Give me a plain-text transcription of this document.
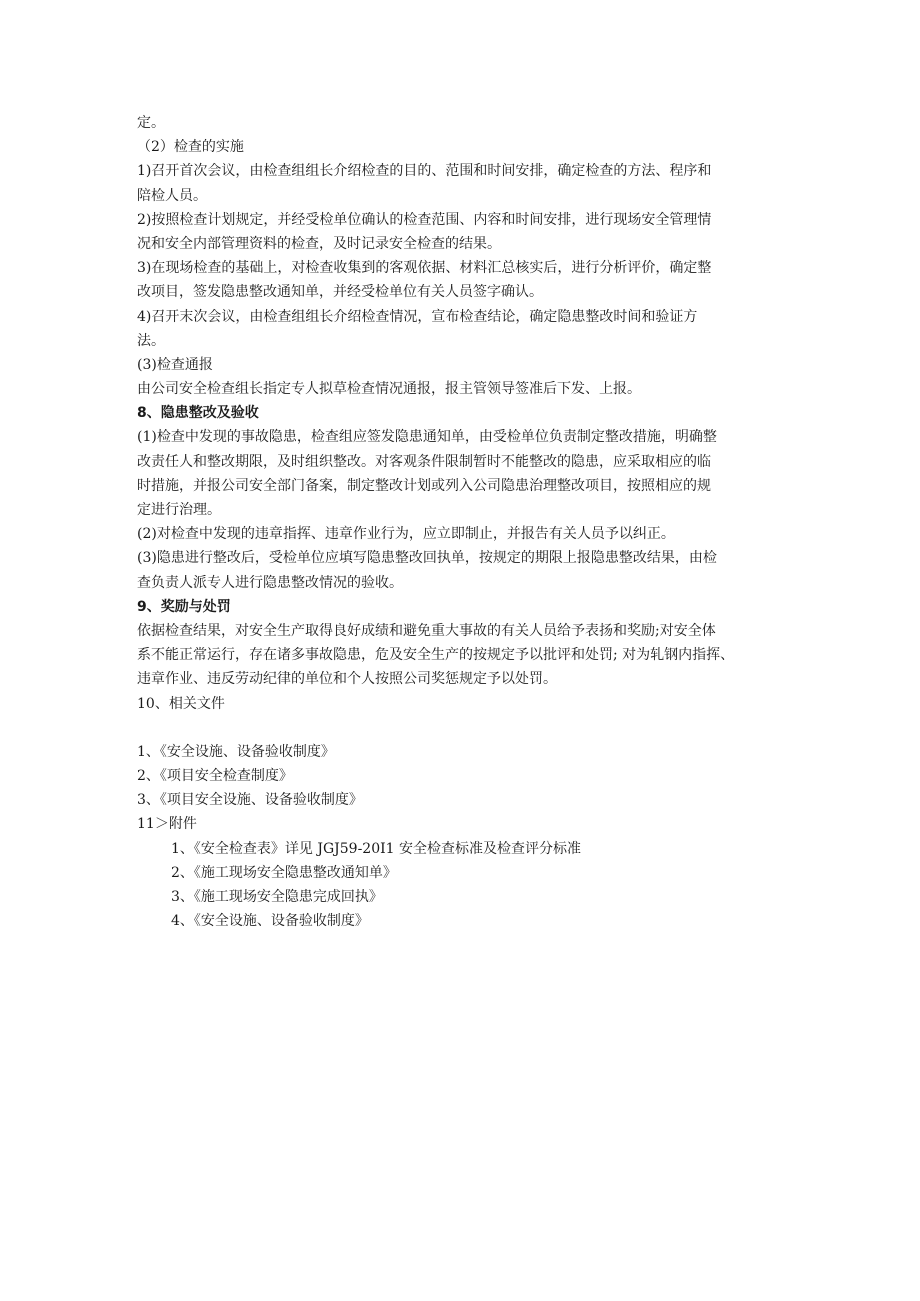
定。
（2）检查的实施
1)召开首次会议，由检查组组长介绍检查的目的、范围和时间安排，确定检查的方法、程序和
陪检人员。
2)按照检查计划规定，并经受检单位确认的检查范围、内容和时间安排，进行现场安全管理情
况和安全内部管理资料的检查，及时记录安全检查的结果。
3)在现场检查的基础上，对检查收集到的客观依据、材料汇总核实后，进行分析评价，确定整
改项目，签发隐患整改通知单，并经受检单位有关人员签字确认。
4)召开末次会议，由检查组组长介绍检查情况，宣布检查结论，确定隐患整改时间和验证方
法。
(3)检查通报
由公司安全检查组长指定专人拟草检查情况通报，报主管领导签准后下发、上报。
8、隐患整改及验收
(1)检查中发现的事故隐患，检查组应签发隐患通知单，由受检单位负责制定整改措施，明确整
改责任人和整改期限，及时组织整改。对客观条件限制暂时不能整改的隐患，应采取相应的临
时措施，并报公司安全部门备案，制定整改计划或列入公司隐患治理整改项目，按照相应的规
定进行治理。
(2)对检查中发现的违章指挥、违章作业行为，应立即制止，并报告有关人员予以纠正。
(3)隐患进行整改后，受检单位应填写隐患整改回执单，按规定的期限上报隐患整改结果，由检
查负责人派专人进行隐患整改情况的验收。
9、奖励与处罚
依据检查结果，对安全生产取得良好成绩和避免重大事故的有关人员给予表扬和奖励;对安全体
系不能正常运行，存在诸多事故隐患，危及安全生产的按规定予以批评和处罚; 对为轧钢内指挥、
违章作业、违反劳动纪律的单位和个人按照公司奖惩规定予以处罚。
10、相关文件
1、《安全设施、设备验收制度》
2、《项目安全检查制度》
3、《项目安全设施、设备验收制度》
11＞附件
1、《安全检查表》详见 JGJ59-20I1 安全检查标准及检查评分标准
2、《施工现场安全隐患整改通知单》
3、《施工现场安全隐患完成回执》
4、《安全设施、设备验收制度》
